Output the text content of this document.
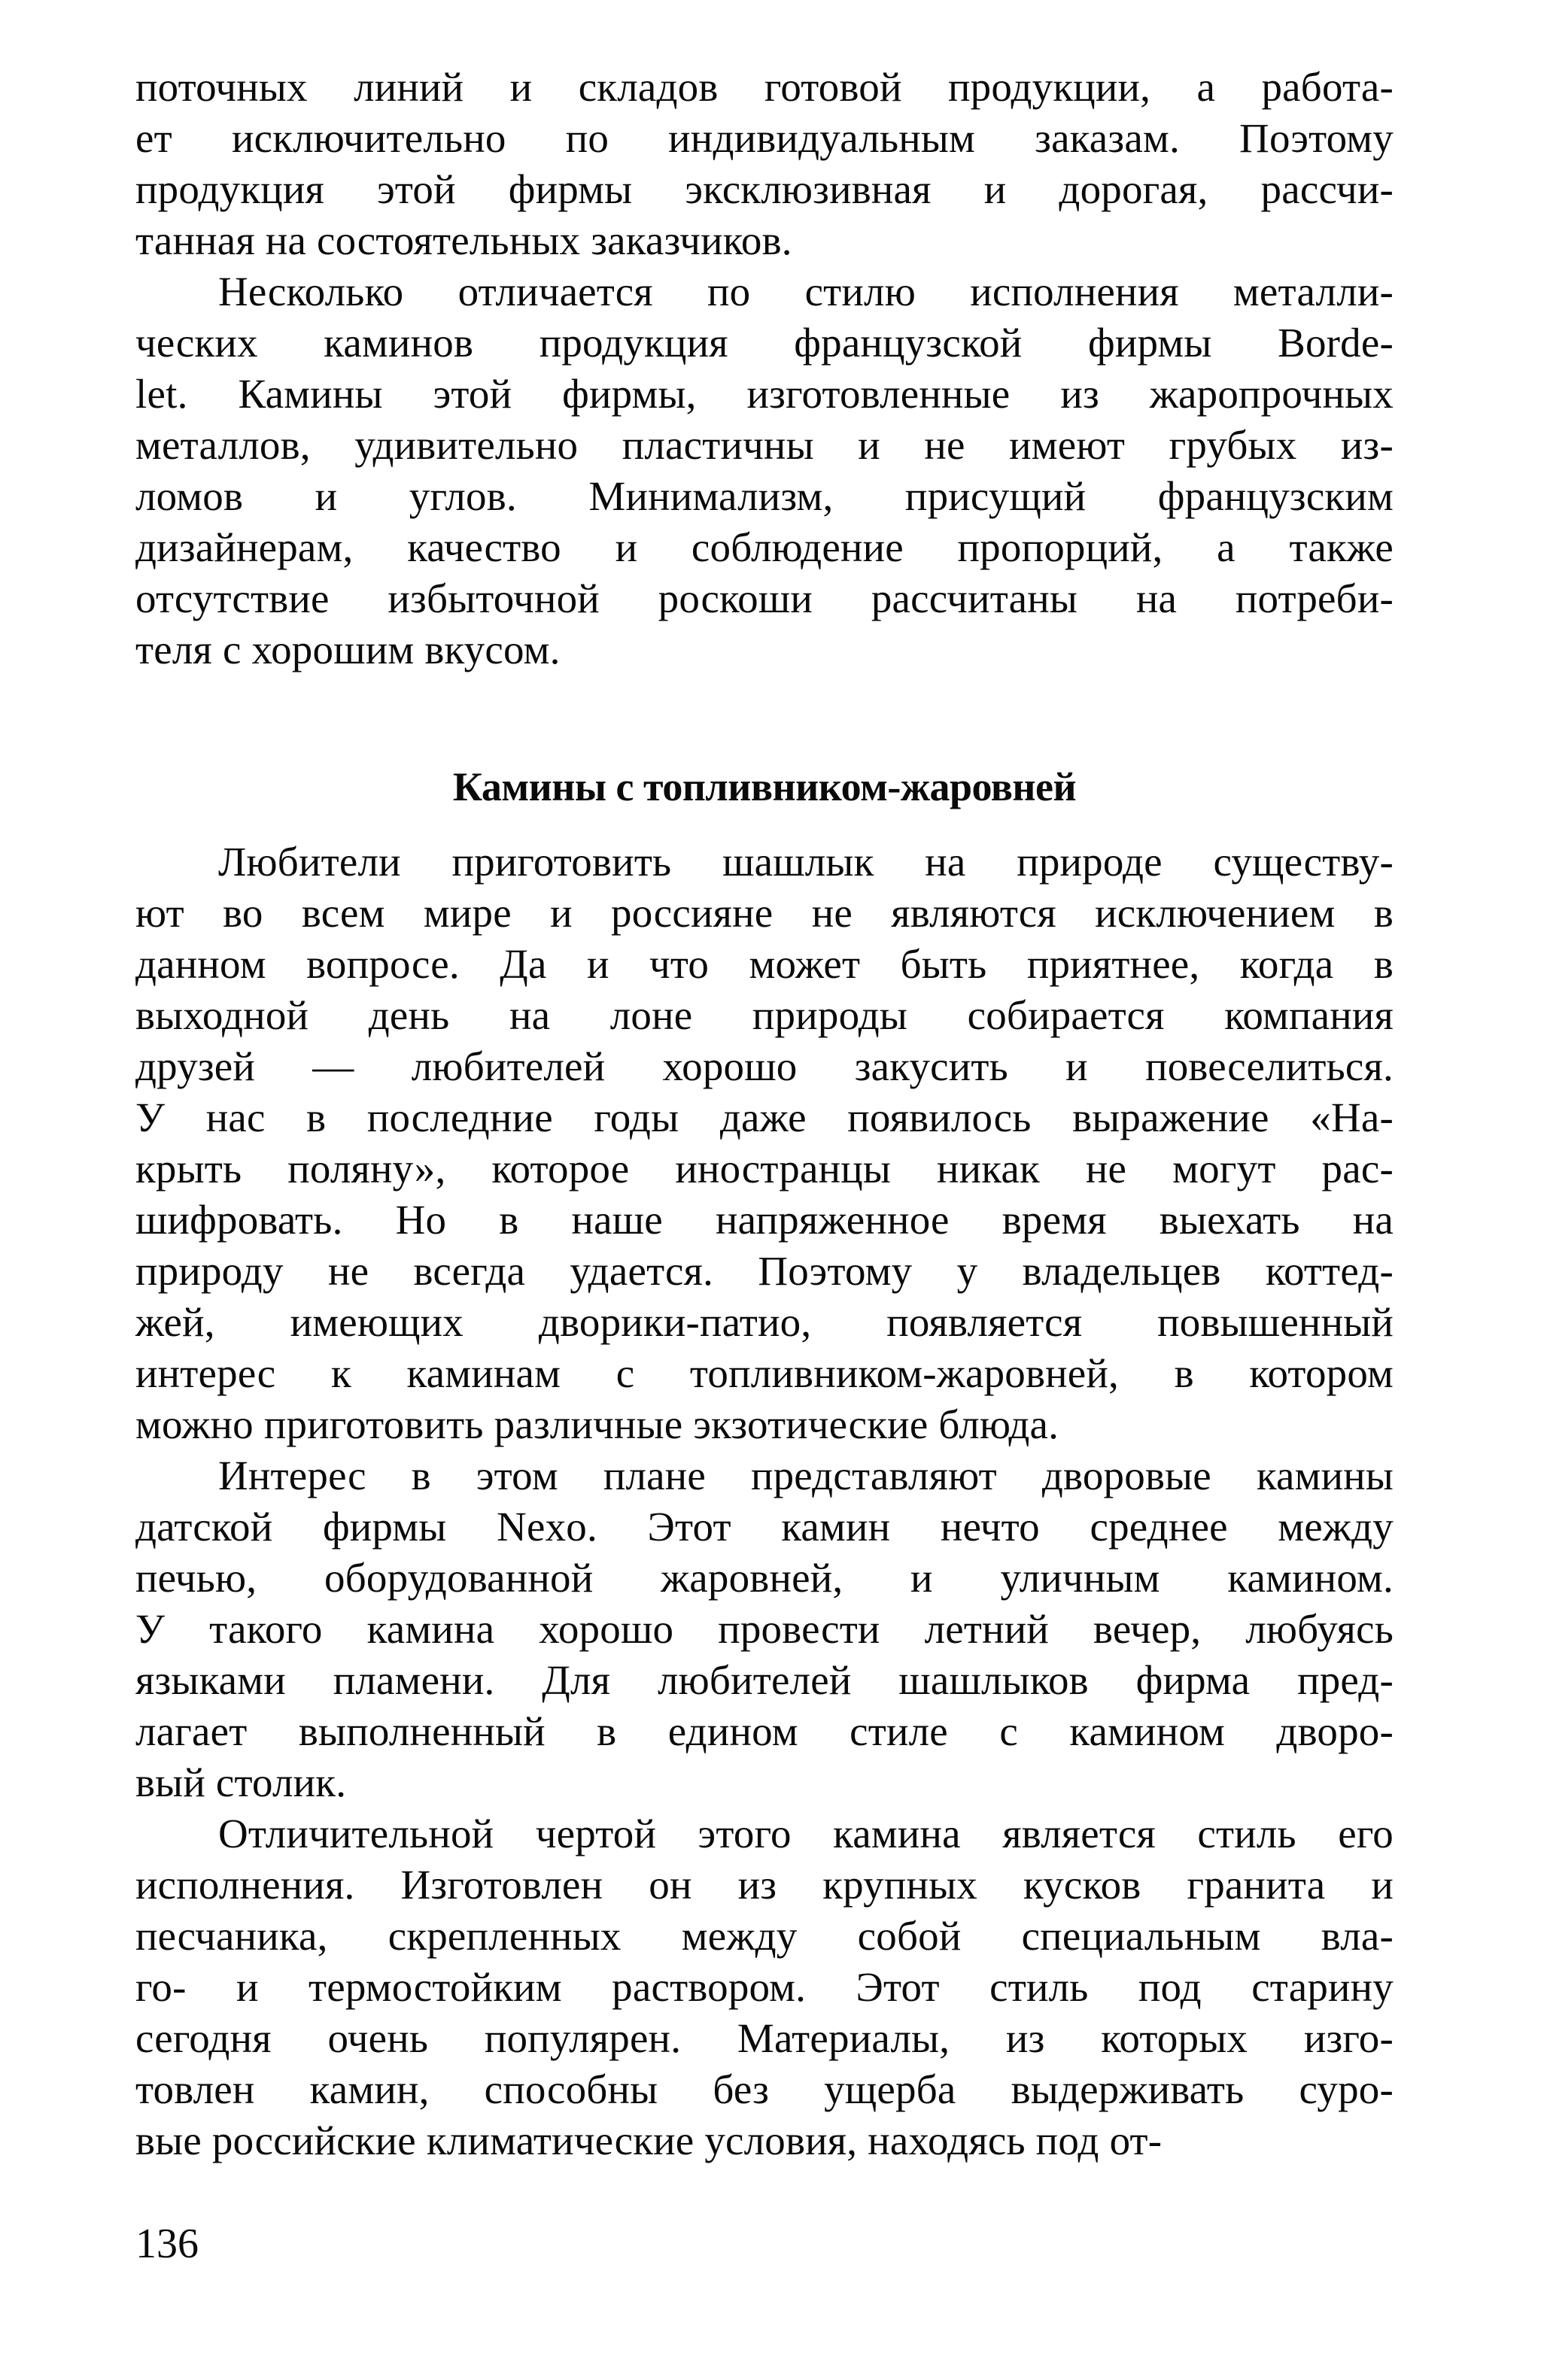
поточных линий и складов готовой продукции, а работа-
ет исключительно по индивидуальным заказам. Поэтому
продукция этой фирмы эксклюзивная и дорогая, рассчи-
танная на состоятельных заказчиков.
Несколько отличается по стилю исполнения металли-
ческих каминов продукция французской фирмы Borde-
let. Камины этой фирмы, изготовленные из жаропрочных
металлов, удивительно пластичны и не имеют грубых из-
ломов и углов. Минимализм, присущий французским
дизайнерам, качество и соблюдение пропорций, а также
отсутствие избыточной роскоши рассчитаны на потреби-
теля с хорошим вкусом.
Камины с топливником-жаровней
Любители приготовить шашлык на природе существу-
ют во всем мире и россияне не являются исключением в
данном вопросе. Да и что может быть приятнее, когда в
выходной день на лоне природы собирается компания
друзей — любителей хорошо закусить и повеселиться.
У нас в последние годы даже появилось выражение «На-
крыть поляну», которое иностранцы никак не могут рас-
шифровать. Но в наше напряженное время выехать на
природу не всегда удается. Поэтому у владельцев коттед-
жей, имеющих дворики-патио, появляется повышенный
интерес к каминам с топливником-жаровней, в котором
можно приготовить различные экзотические блюда.
Интерес в этом плане представляют дворовые камины
датской фирмы Nexo. Этот камин нечто среднее между
печью, оборудованной жаровней, и уличным камином.
У такого камина хорошо провести летний вечер, любуясь
языками пламени. Для любителей шашлыков фирма пред-
лагает выполненный в едином стиле с камином дворо-
вый столик.
Отличительной чертой этого камина является стиль его
исполнения. Изготовлен он из крупных кусков гранита и
песчаника, скрепленных между собой специальным вла-
го- и термостойким раствором. Этот стиль под старину
сегодня очень популярен. Материалы, из которых изго-
товлен камин, способны без ущерба выдерживать суро-
вые российские климатические условия, находясь под от-
136
